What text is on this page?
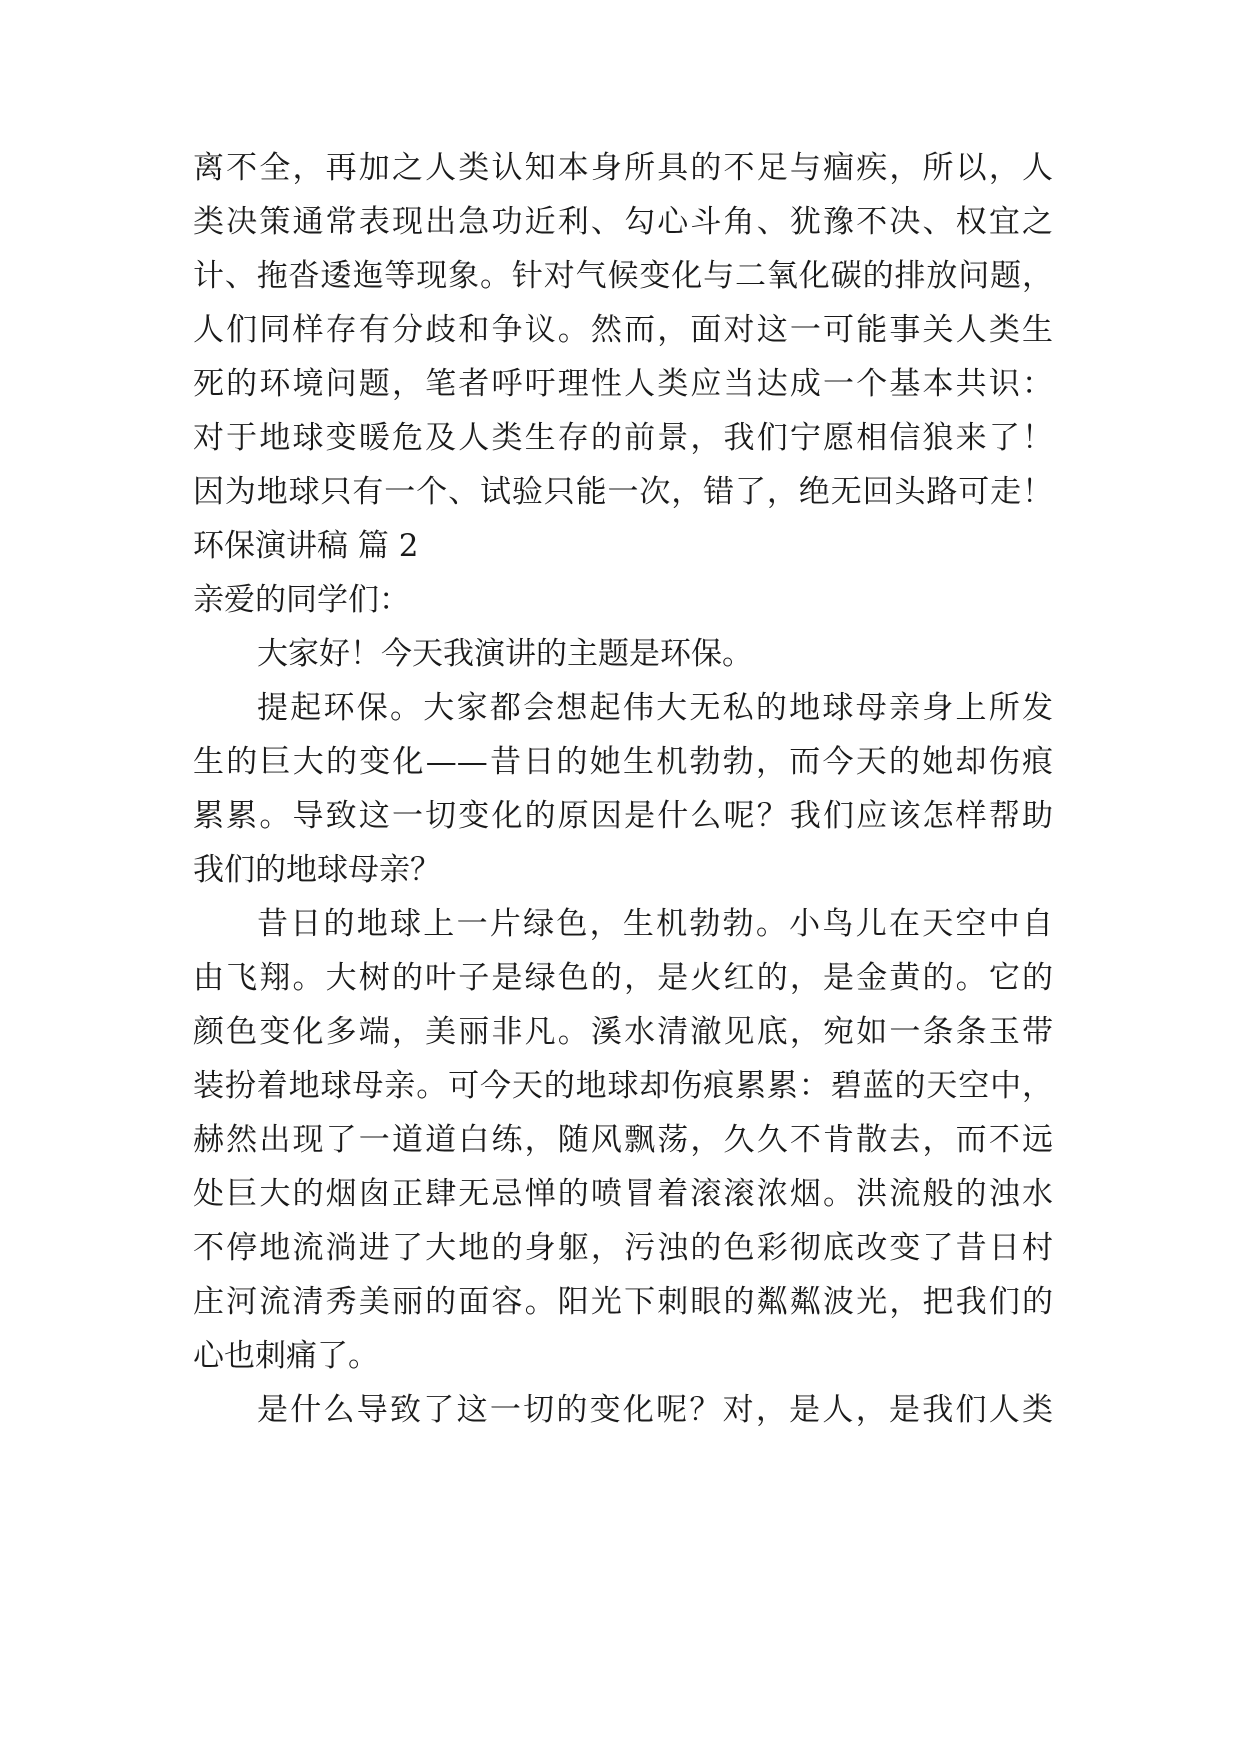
离不全，再加之人类认知本身所具的不足与痼疾，所以，人
类决策通常表现出急功近利、勾心斗角、犹豫不决、权宜之
计、拖沓逶迤等现象。针对气候变化与二氧化碳的排放问题，
人们同样存有分歧和争议。然而，面对这一可能事关人类生
死的环境问题，笔者呼吁理性人类应当达成一个基本共识：
对于地球变暖危及人类生存的前景，我们宁愿相信狼来了！
因为地球只有一个、试验只能一次，错了，绝无回头路可走！
环保演讲稿 篇 2
亲爱的同学们：
大家好！今天我演讲的主题是环保。
提起环保。大家都会想起伟大无私的地球母亲身上所发
生的巨大的变化——昔日的她生机勃勃，而今天的她却伤痕
累累。导致这一切变化的原因是什么呢？我们应该怎样帮助
我们的地球母亲？
昔日的地球上一片绿色，生机勃勃。小鸟儿在天空中自
由飞翔。大树的叶子是绿色的，是火红的，是金黄的。它的
颜色变化多端，美丽非凡。溪水清澈见底，宛如一条条玉带
装扮着地球母亲。可今天的地球却伤痕累累：碧蓝的天空中，
赫然出现了一道道白练，随风飘荡，久久不肯散去，而不远
处巨大的烟囱正肆无忌惮的喷冒着滚滚浓烟。洪流般的浊水
不停地流淌进了大地的身躯，污浊的色彩彻底改变了昔日村
庄河流清秀美丽的面容。阳光下刺眼的粼粼波光，把我们的
心也刺痛了。
是什么导致了这一切的变化呢？对，是人，是我们人类
